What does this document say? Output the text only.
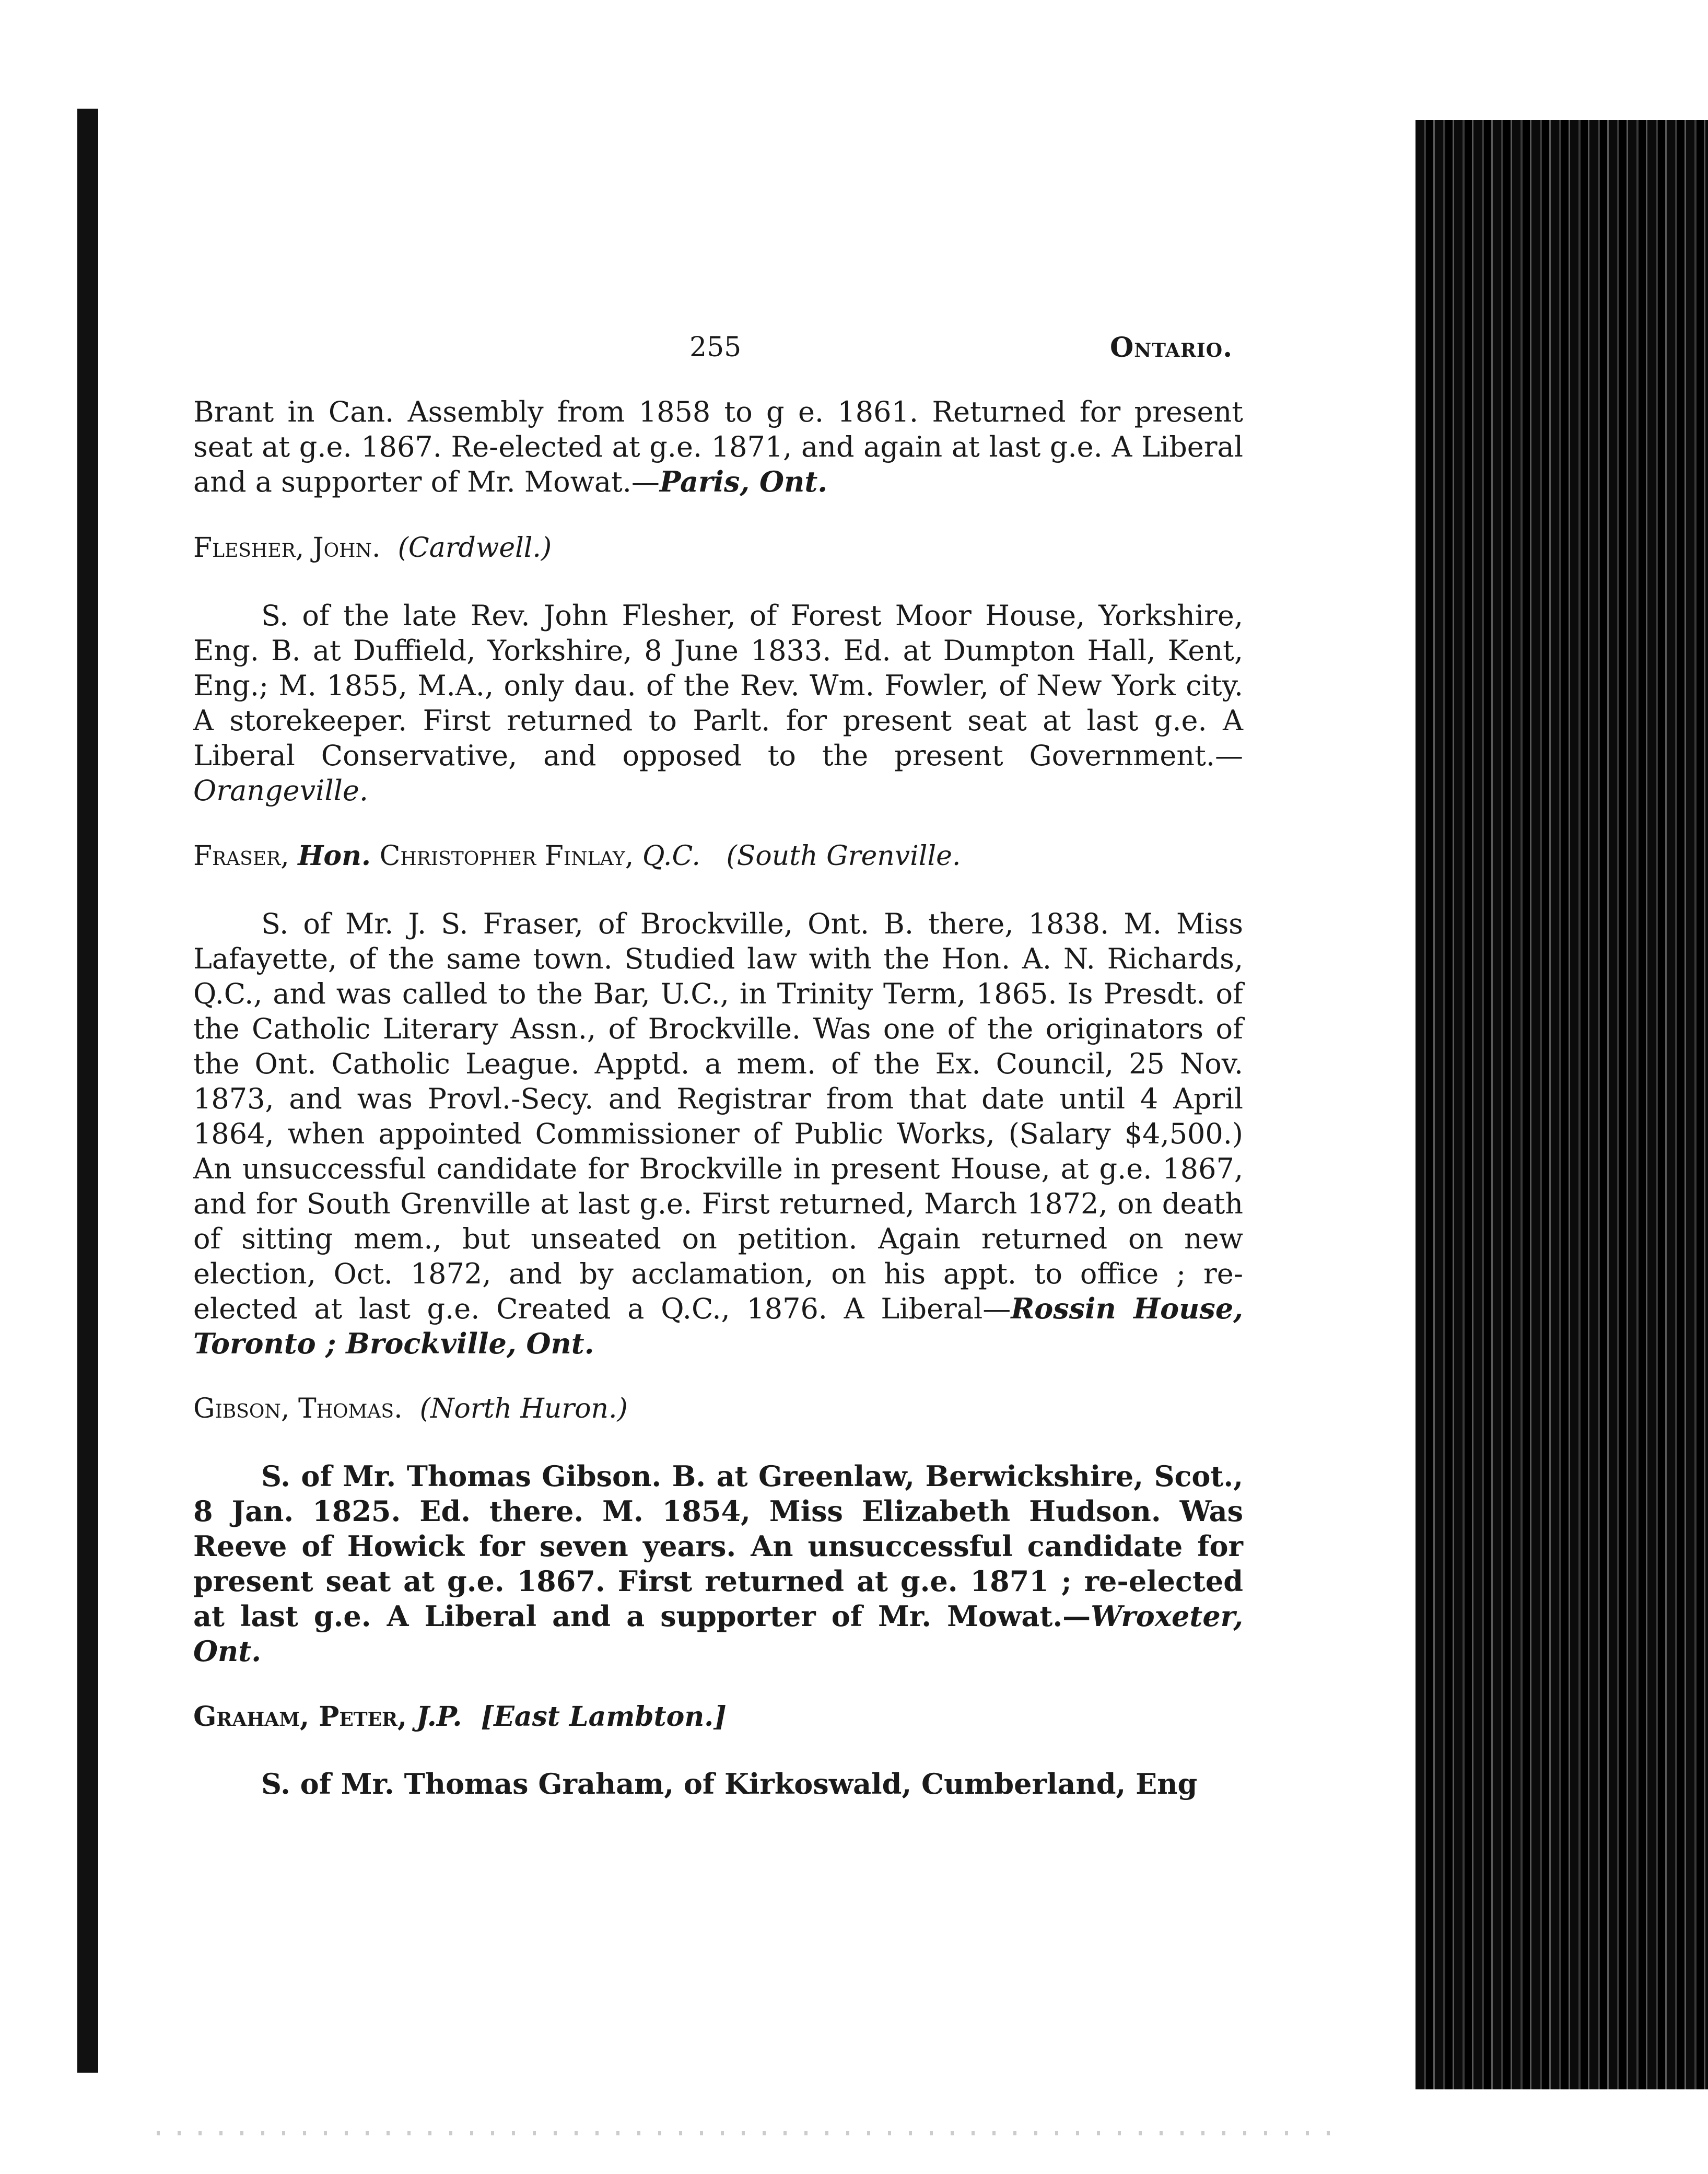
255	Ontario.

Brant in Can. Assembly from 1858 to g e. 1861. Returned for present seat at g.e. 1867. Re-elected at g.e. 1871, and again at last g.e. A Liberal and a supporter of Mr. Mowat.—Paris, Ont.

Flesher, John. (Cardwell.)

S. of the late Rev. John Flesher, of Forest Moor House, Yorkshire, Eng. B. at Duffield, Yorkshire, 8 June 1833. Ed. at Dumpton Hall, Kent, Eng.; M. 1855, M.A., only dau. of the Rev. Wm. Fowler, of New York city. A storekeeper. First returned to Parlt. for present seat at last g.e. A Liberal Conservative, and opposed to the present Government.—Orangeville.

Fraser, Hon. Christopher Finlay, Q.C. (South Grenville.

S. of Mr. J. S. Fraser, of Brockville, Ont. B. there, 1838. M. Miss Lafayette, of the same town. Studied law with the Hon. A. N. Richards, Q.C., and was called to the Bar, U.C., in Trinity Term, 1865. Is Presdt. of the Catholic Literary Assn., of Brockville. Was one of the originators of the Ont. Catholic League. Apptd. a mem. of the Ex. Council, 25 Nov. 1873, and was Provl.-Secy. and Registrar from that date until 4 April 1864, when appointed Commissioner of Public Works, (Salary $4,500.) An unsuccessful candidate for Brockville in present House, at g.e. 1867, and for South Grenville at last g.e. First returned, March 1872, on death of sitting mem., but unseated on petition. Again returned on new election, Oct. 1872, and by acclamation, on his appt. to office ; re-elected at last g.e. Created a Q.C., 1876. A Liberal—Rossin House, Toronto ; Brockville, Ont.

Gibson, Thomas. (North Huron.)

S. of Mr. Thomas Gibson. B. at Greenlaw, Berwickshire, Scot., 8 Jan. 1825. Ed. there. M. 1854, Miss Elizabeth Hudson. Was Reeve of Howick for seven years. An unsuccessful candidate for present seat at g.e. 1867. First returned at g.e. 1871 ; re-elected at last g.e. A Liberal and a supporter of Mr. Mowat.—Wroxeter, Ont.

Graham, Peter, J.P. [East Lambton.]

S. of Mr. Thomas Graham, of Kirkoswald, Cumberland, Eng
